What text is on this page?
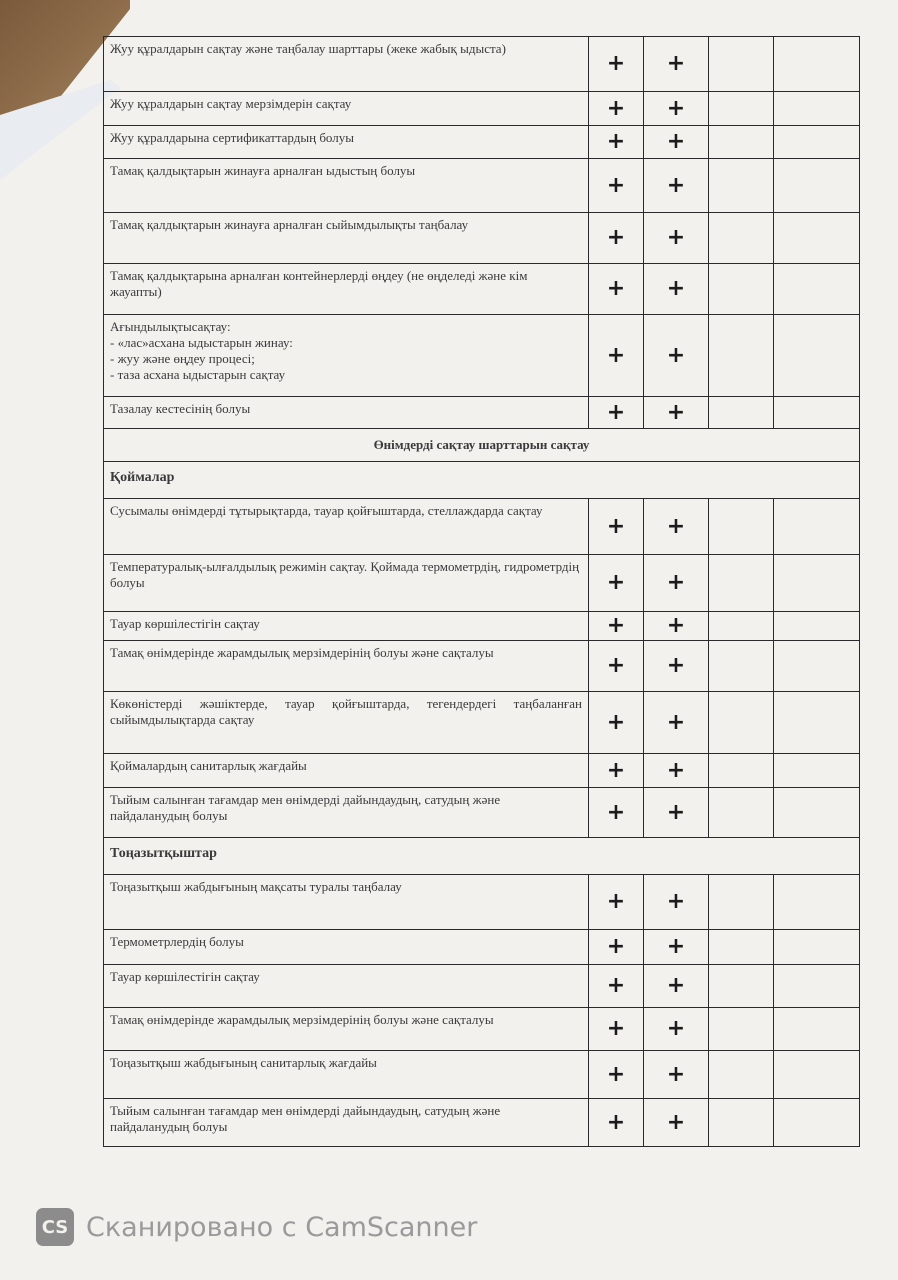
Жуу құралдарын сақтау және таңбалау шарттары (жеке жабық ыдыста)	+	+		
Жуу құралдарын сақтау мерзімдерін сақтау	+	+		
Жуу құралдарына сертификаттардың болуы	+	+		
Тамақ қалдықтарын жинауға арналған ыдыстың болуы	+	+		
Тамақ қалдықтарын жинауға арналған сыйымдылықты таңбалау	+	+		
Тамақ қалдықтарына арналған контейнерлерді өңдеу (не өңделеді және кім жауапты)	+	+		

Ағындылықтысақтау:
- «лас»асхана ыдыстарын жинау:
- жуу және өңдеу процесі;
- таза асхана ыдыстарын сақтау	+	+		
Тазалау кестесінің болуы	+	+		
Өнімдерді сақтау шарттарын сақтау				
Қоймалар				
Сусымалы өнімдерді тұтырықтарда, тауар қойғыштарда, стеллаждарда сақтау	+	+		
Температуралық-ылғалдылық режимін сақтау. Қоймада термометрдің, гидрометрдің болуы	+	+		
Тауар көршілестігін сақтау	+	+		
Тамақ өнімдерінде жарамдылық мерзімдерінің болуы және сақталуы	+	+		
Көкөністерді жәшіктерде, тауар қойғыштарда, тегендердегі таңбаланған сыйымдылықтарда сақтау	+	+		
Қоймалардың санитарлық жағдайы	+	+		
Тыйым салынған тағамдар мен өнімдерді дайындаудың, сатудың және пайдаланудың болуы	+	+		
Тоңазытқыштар				
Тоңазытқыш жабдығының мақсаты туралы таңбалау	+	+		
Термометрлердің болуы	+	+		
Тауар көршілестігін сақтау	+	+		
Тамақ өнімдерінде жарамдылық мерзімдерінің болуы және сақталуы	+	+		
Тоңазытқыш жабдығының санитарлық жағдайы	+	+		
Тыйым салынған тағамдар мен өнімдерді дайындаудың, сатудың және пайдаланудың болуы	+	+		
CS Сканировано с CamScanner
